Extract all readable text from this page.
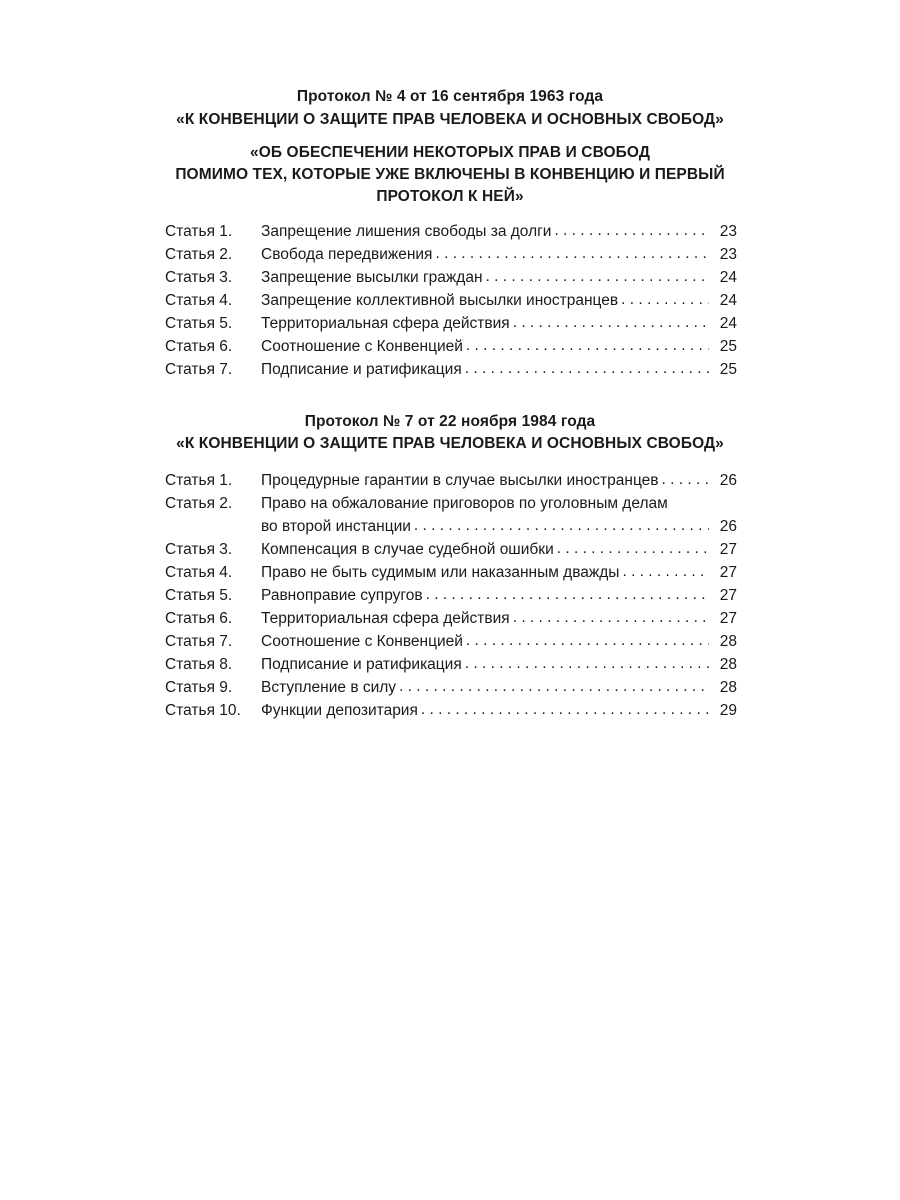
Протокол № 4 от 16 сентября 1963 года
«К КОНВЕНЦИИ О ЗАЩИТЕ ПРАВ ЧЕЛОВЕКА И ОСНОВНЫХ СВОБОД»
«ОБ ОБЕСПЕЧЕНИИ НЕКОТОРЫХ ПРАВ И СВОБОД
ПОМИМО ТЕХ, КОТОРЫЕ УЖЕ ВКЛЮЧЕНЫ В КОНВЕНЦИЮ И ПЕРВЫЙ
ПРОТОКОЛ К НЕЙ»
Статья 1.	Запрещение лишения свободы за долги . . .	23
Статья 2.	Свобода передвижения . . .	23
Статья 3.	Запрещение высылки граждан . . .	24
Статья 4.	Запрещение коллективной высылки иностранцев . . .	24
Статья 5.	Территориальная сфера действия . . .	24
Статья 6.	Соотношение с Конвенцией . . .	25
Статья 7.	Подписание и ратификация . . .	25
Протокол № 7 от 22 ноября 1984 года
«К КОНВЕНЦИИ О ЗАЩИТЕ ПРАВ ЧЕЛОВЕКА И ОСНОВНЫХ СВОБОД»
Статья 1.	Процедурные гарантии в случае высылки иностранцев . . .	26
Статья 2.	Право на обжалование приговоров по уголовным делам
во второй инстанции . . .	26
Статья 3.	Компенсация в случае судебной ошибки . . .	27
Статья 4.	Право не быть судимым или наказанным дважды . . .	27
Статья 5.	Равноправие супругов . . .	27
Статья 6.	Территориальная сфера действия . . .	27
Статья 7.	Соотношение с Конвенцией . . .	28
Статья 8.	Подписание и ратификация . . .	28
Статья 9.	Вступление в силу . . .	28
Статья 10.	Функции депозитария . . .	29
